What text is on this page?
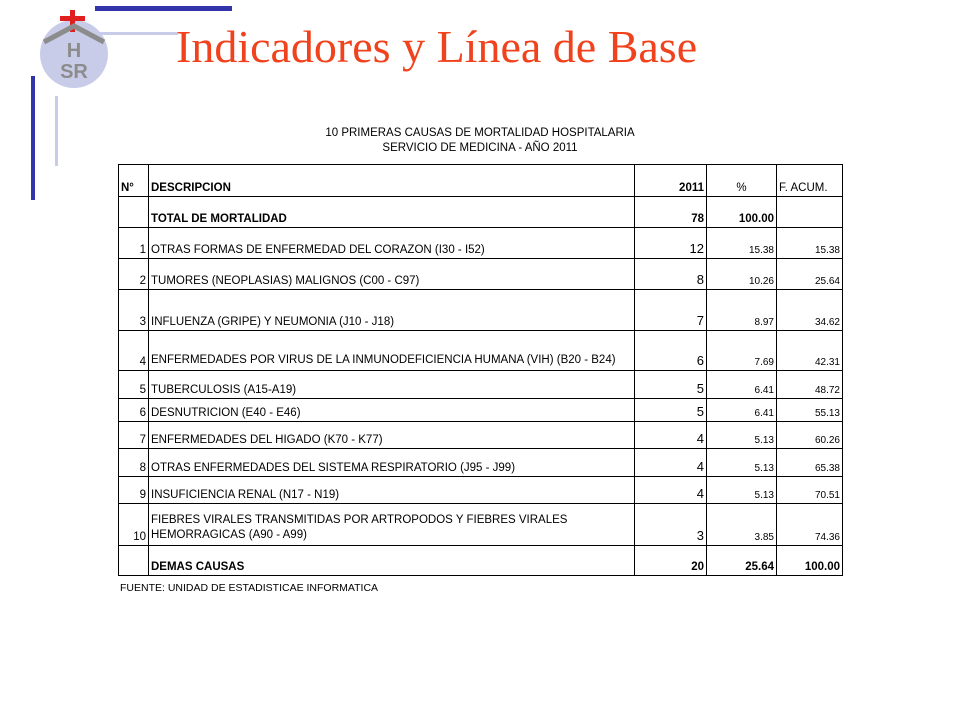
H
SR Indicadores y Línea de Base
10 PRIMERAS CAUSAS DE MORTALIDAD HOSPITALARIA
SERVICIO DE MEDICINA - AÑO 2011
N°	DESCRIPCION	2011	%	F. ACUM.
	TOTAL DE MORTALIDAD	78	100.00	
1	OTRAS FORMAS DE ENFERMEDAD DEL CORAZON (I30 - I52)	12	15.38	15.38
2	TUMORES (NEOPLASIAS) MALIGNOS (C00 - C97)	8	10.26	25.64
3	INFLUENZA (GRIPE) Y NEUMONIA (J10 - J18)	7	8.97	34.62
4	ENFERMEDADES POR VIRUS DE LA INMUNODEFICIENCIA HUMANA (VIH) (B20 - B24)	6	7.69	42.31
5	TUBERCULOSIS (A15-A19)	5	6.41	48.72
6	DESNUTRICION (E40 - E46)	5	6.41	55.13
7	ENFERMEDADES DEL HIGADO (K70 - K77)	4	5.13	60.26
8	OTRAS ENFERMEDADES DEL SISTEMA RESPIRATORIO (J95 - J99)	4	5.13	65.38
9	INSUFICIENCIA RENAL (N17 - N19)	4	5.13	70.51
10	FIEBRES VIRALES TRANSMITIDAS POR ARTROPODOS Y FIEBRES VIRALES HEMORRAGICAS (A90 - A99)	3	3.85	74.36
	DEMAS CAUSAS	20	25.64	100.00
FUENTE: UNIDAD DE ESTADISTICAE INFORMATICA
